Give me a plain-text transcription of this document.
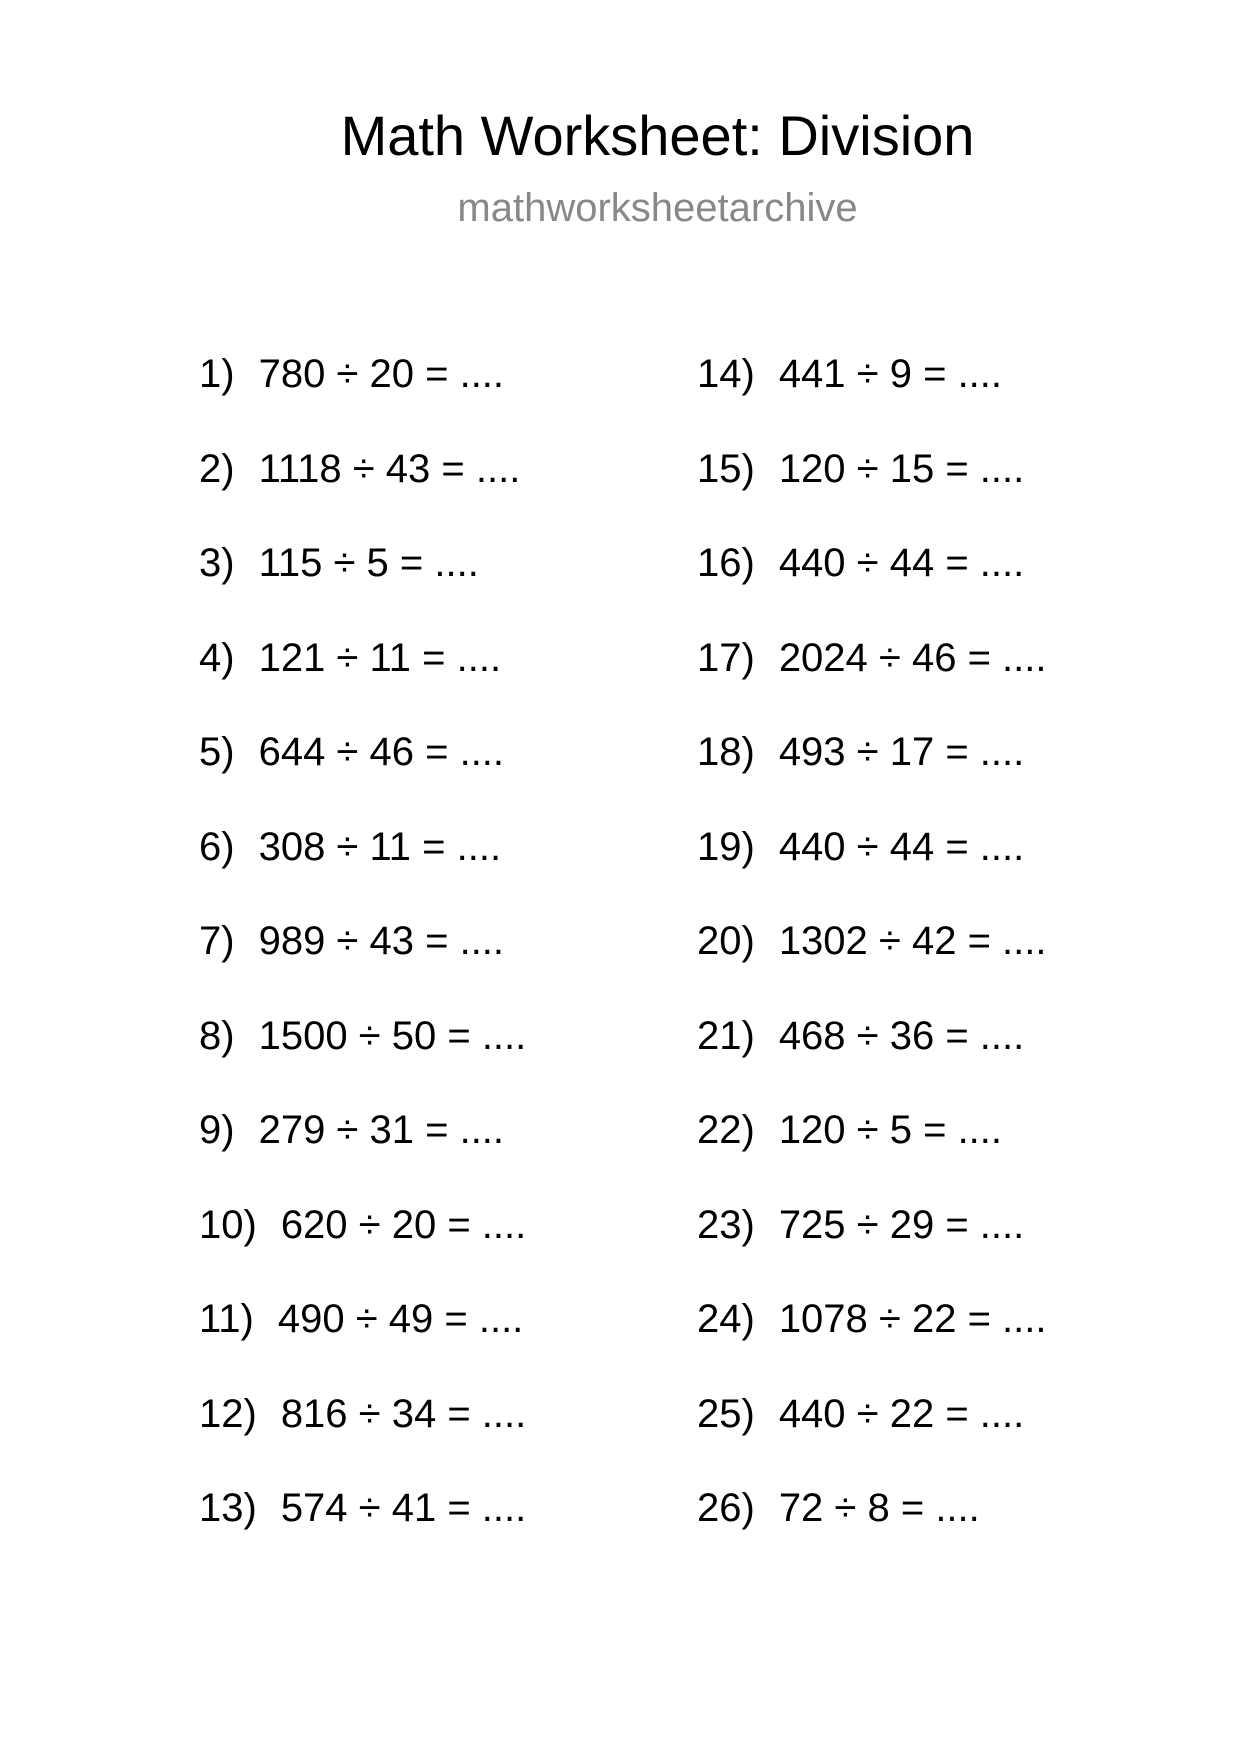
Math Worksheet: Division
mathworksheetarchive
1) 780 ÷ 20 = ....
2) 1118 ÷ 43 = ....
3) 115 ÷ 5 = ....
4) 121 ÷ 11 = ....
5) 644 ÷ 46 = ....
6) 308 ÷ 11 = ....
7) 989 ÷ 43 = ....
8) 1500 ÷ 50 = ....
9) 279 ÷ 31 = ....
10) 620 ÷ 20 = ....
11) 490 ÷ 49 = ....
12) 816 ÷ 34 = ....
13) 574 ÷ 41 = ....
14) 441 ÷ 9 = ....
15) 120 ÷ 15 = ....
16) 440 ÷ 44 = ....
17) 2024 ÷ 46 = ....
18) 493 ÷ 17 = ....
19) 440 ÷ 44 = ....
20) 1302 ÷ 42 = ....
21) 468 ÷ 36 = ....
22) 120 ÷ 5 = ....
23) 725 ÷ 29 = ....
24) 1078 ÷ 22 = ....
25) 440 ÷ 22 = ....
26) 72 ÷ 8 = ....
